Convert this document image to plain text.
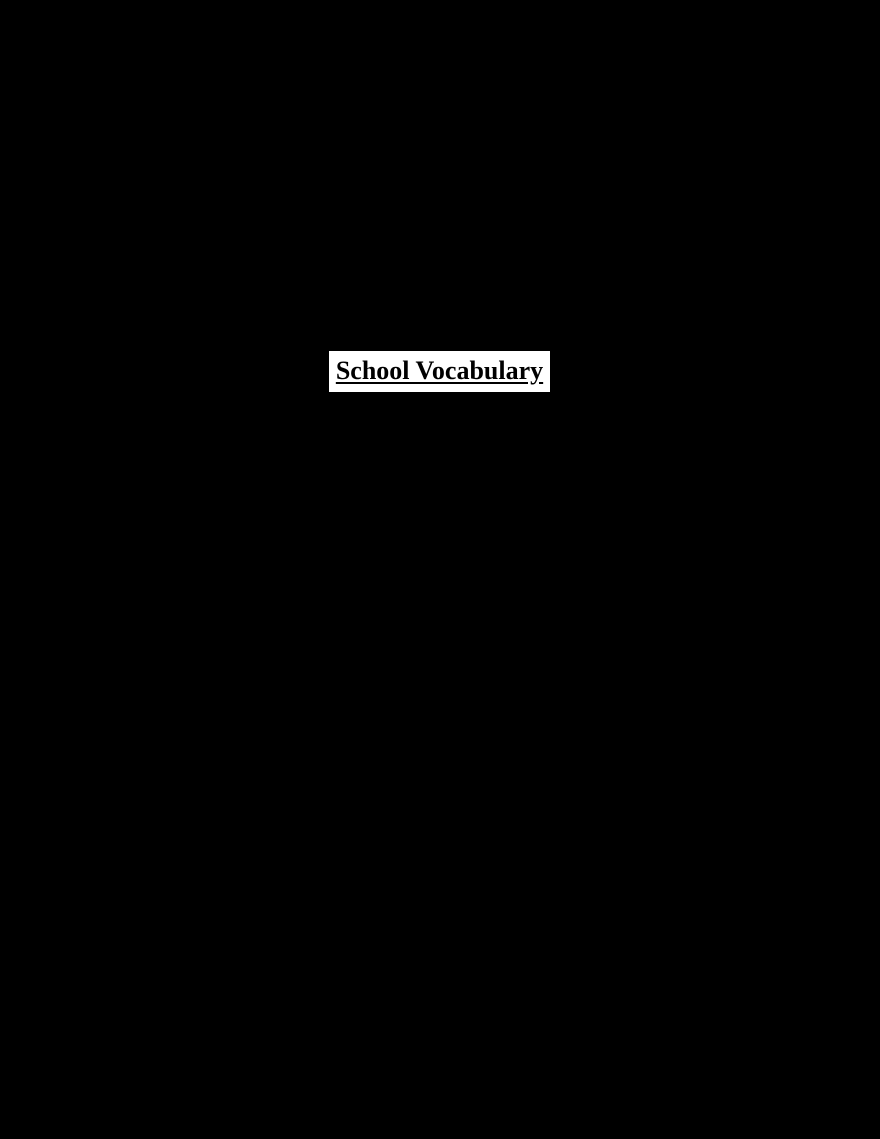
School Vocabulary
